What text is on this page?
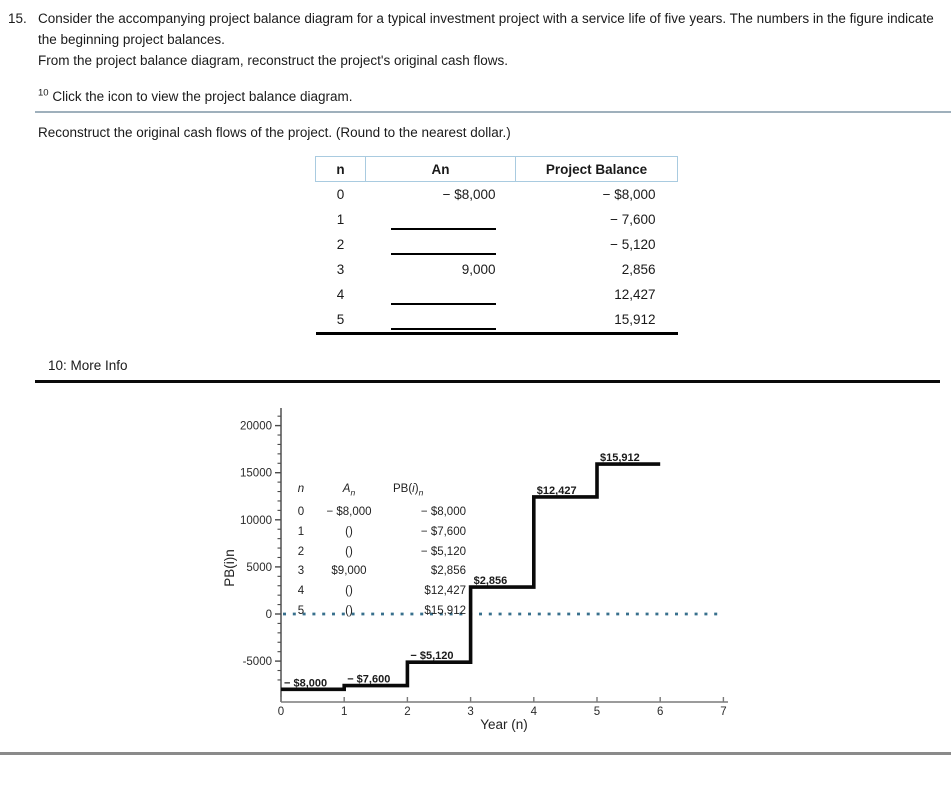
15. Consider the accompanying project balance diagram for a typical investment project with a service life of five years. The numbers in the figure indicate the beginning project balances.
From the project balance diagram, reconstruct the project's original cash flows.
$^{10}$ Click the icon to view the project balance diagram.
Reconstruct the original cash flows of the project. (Round to the nearest dollar.)
n	An	Project Balance
0	− $8,000	− $8,000
1		− 7,600
2		− 5,120
3	9,000	2,856
4		12,427
5		15,912
10: More Info
-5000
0
5000
10000
15000
20000
0	1	2	3	4	5	6	7
− $8,000 − $7,600
− $5,120
$2,856
$12,427
$15,912
Year (n)
PB(i)n
n	$A_n$	$PB(i)_n$
0	− $8,000	− $8,000
1	()	− $7,600
2	()	− $5,120
3	$9,000	$2,856
4	()	$12,427
5	()	$15,912
